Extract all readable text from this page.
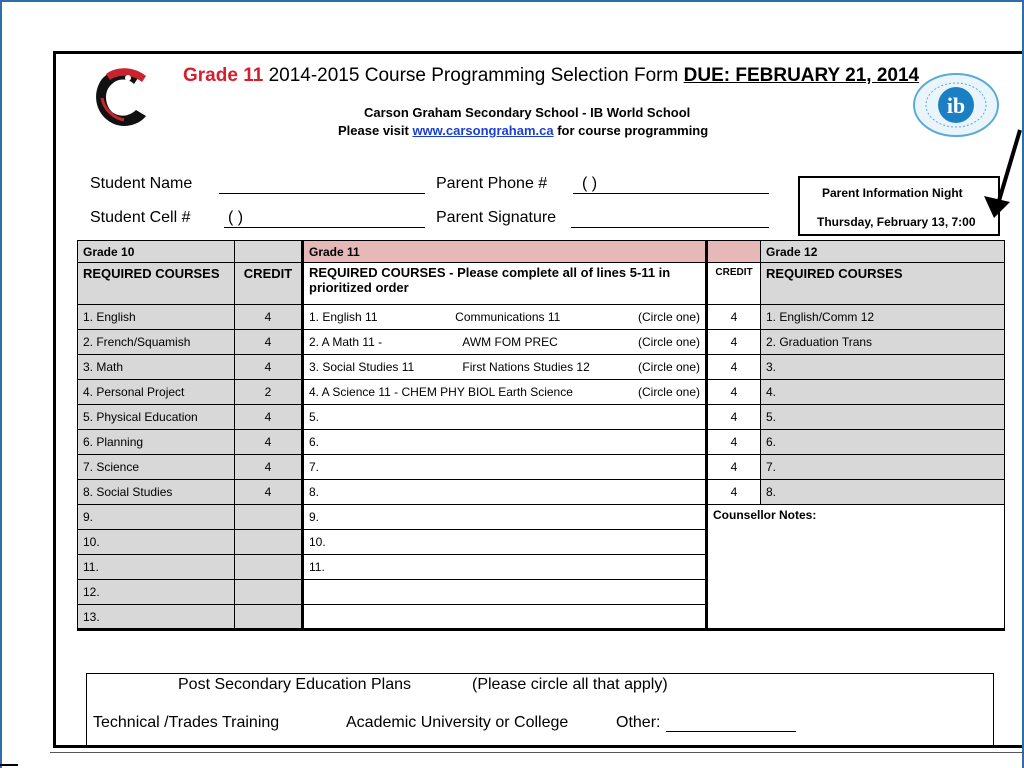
Grade 11 2014-2015 Course Programming Selection Form DUE: FEBRUARY 21, 2014
Carson Graham Secondary School - IB World School
Please visit www.carsongraham.ca for course programming
ib
Student Name	Parent Phone # ( )
Student Cell # ( )	Parent Signature
Parent Information Night
Thursday, February 13, 7:00
Grade 10		Grade 11		Grade 12
REQUIRED COURSES	CREDIT	REQUIRED COURSES - Please complete all of lines 5-11 in prioritized order	CREDIT	REQUIRED COURSES
1. English	4	1. English 11 Communications 11 (Circle one)	4	1. English/Comm 12
2. French/Squamish	4	2. A Math 11 - AWM FOM PREC (Circle one)	4	2. Graduation Trans
3. Math	4	3. Social Studies 11 First Nations Studies 12 (Circle one)	4	3.
4. Personal Project	2	4. A Science 11 - CHEM PHY BIOL Earth Science (Circle one)	4	4.
5. Physical Education	4	5.	4	5.
6. Planning	4	6.	4	6.
7. Science	4	7.	4	7.
8. Social Studies	4	8.	4	8.
9.		9.	Counsellor Notes:	
10.		10.		
11.		11.		
12.				
13.				
Post Secondary Education Plans	(Please circle all that apply)
Technical /Trades Training	Academic University or College	Other:
